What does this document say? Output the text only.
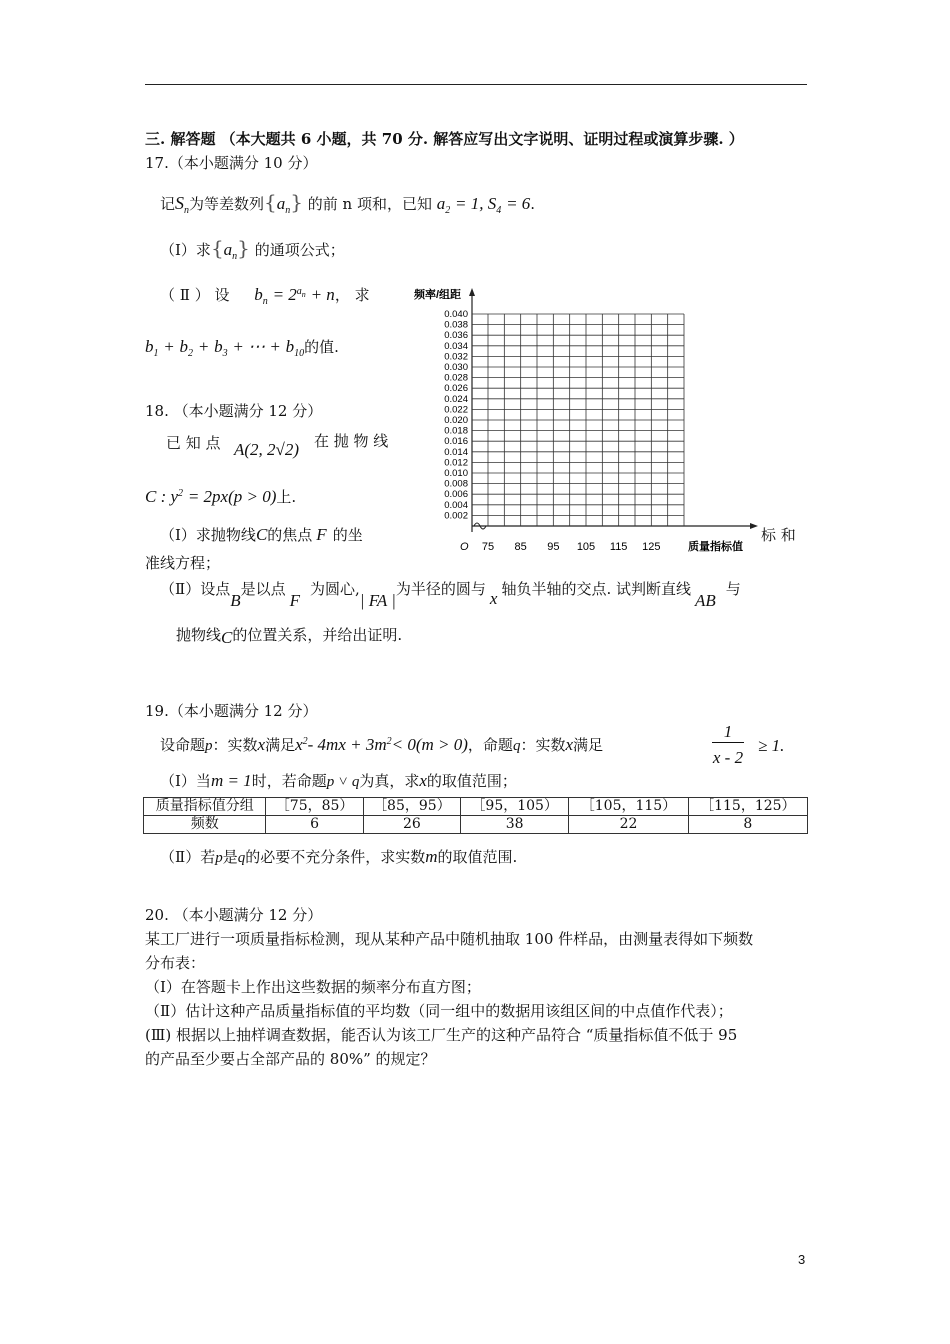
三. 解答题 （本大题共 6 小题，共 70 分. 解答应写出文字说明、证明过程或演算步骤. ）
17.（本小题满分 10 分）
记$S_n$为等差数列$\{a_n\}$ 的前 n 项和，已知 $a_2 = 1$, $S_4 = 6$.
（Ⅰ）求$\{a_n\}$ 的通项公式；
（ Ⅱ ） 设 $b_n = 2^{a_n} + n$， 求
$b_1 + b_2 + b_3$ + ⋯ + $b_{10}$的值.
18. （本小题满分 12 分）
已 知 点 A(2, 2√2) 在 抛 物 线
C : $y^2 = 2px(p > 0)$上.
（Ⅰ）求抛物线C的焦点 F 的坐	标 和
准线方程；
（Ⅱ）设点B是以点F为圆心,| FA |为半径的圆与 x 轴负半轴的交点. 试判断直线AB与
抛物线C的位置关系，并给出证明.
频率/组距
0.040
0.038
0.036
0.034
0.032
0.030
0.028
0.026
0.024
0.022
0.020
0.018
0.016
0.014
0.012
0.010
0.008
0.006
0.004
0.002
75 85 95 105 115 125 质量指标值
O
19.（本小题满分 12 分）
设命题p：实数x满足$x^2-$ $4mx + 3m^2< 0(m > 0)$，命题q：实数x满足
1
x - 2
≥ 1.
（Ⅰ）当m = 1时，若命题p ˅ q为真，求x的取值范围；
质量指标值分组	［75，85）	［85，95）	［95，105）	［105，115）	［115，125）
频数	6	26	38	22	8
（Ⅱ）若p是q的必要不充分条件，求实数m的取值范围.
20. （本小题满分 12 分）
某工厂进行一项质量指标检测，现从某种产品中随机抽取 100 件样品，由测量表得如下频数
分布表：
（Ⅰ）在答题卡上作出这些数据的频率分布直方图；
（Ⅱ）估计这种产品质量指标值的平均数（同一组中的数据用该组区间的中点值作代表）；
(Ⅲ) 根据以上抽样调查数据，能否认为该工厂生产的这种产品符合 “质量指标值不低于 95
的产品至少要占全部产品的 80%” 的规定？
3
